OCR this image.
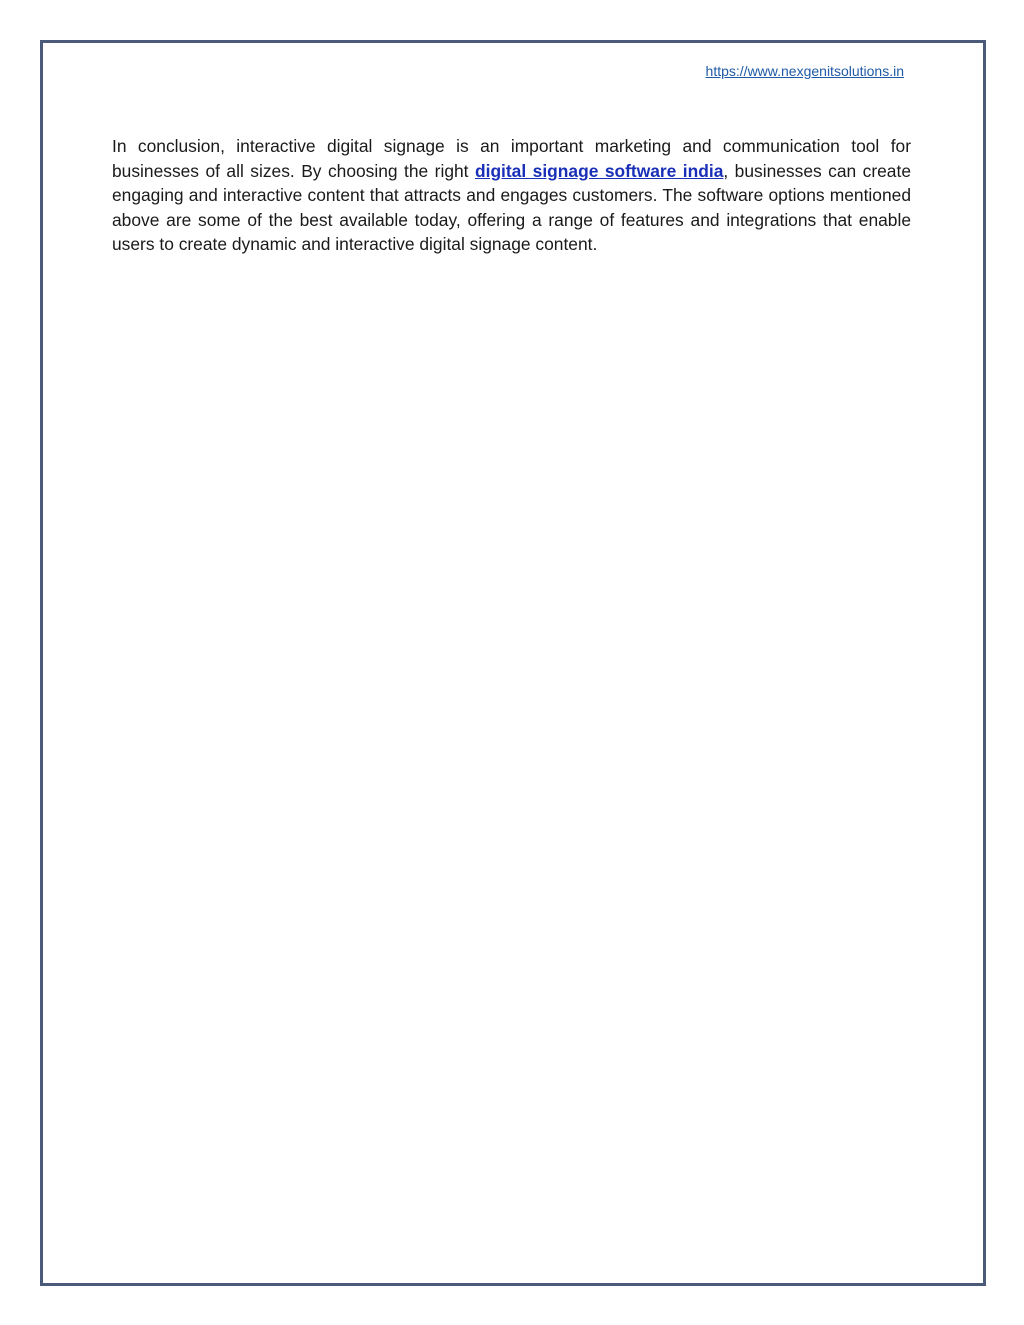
https://www.nexgenitsolutions.in

In conclusion, interactive digital signage is an important marketing and communication tool for businesses of all sizes. By choosing the right digital signage software india, businesses can create engaging and interactive content that attracts and engages customers. The software options mentioned above are some of the best available today, offering a range of features and integrations that enable users to create dynamic and interactive digital signage content.
